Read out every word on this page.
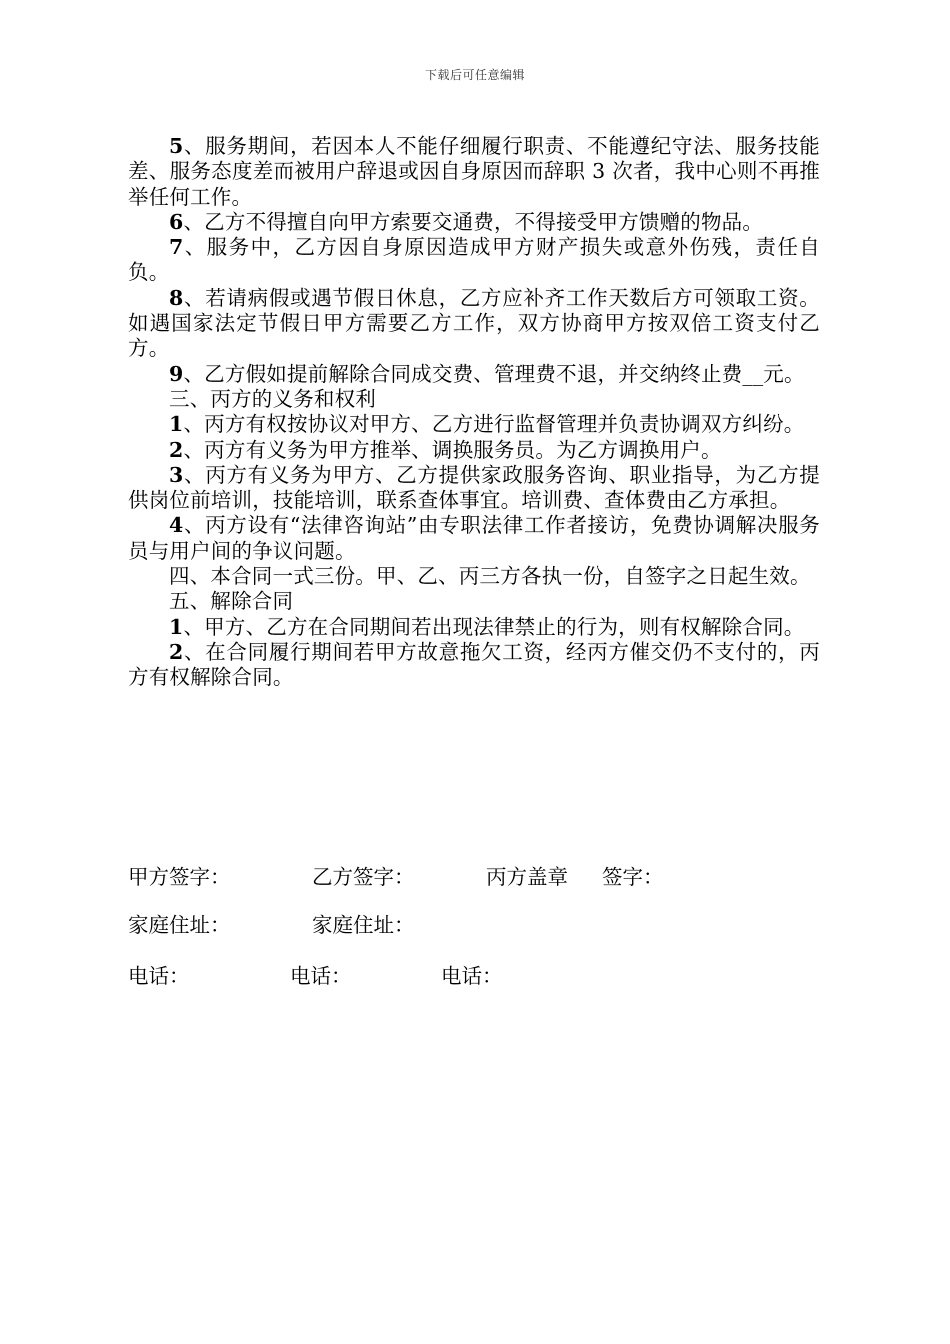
下载后可任意编辑

5、服务期间，若因本人不能仔细履行职责、不能遵纪守法、服务技能差、服务态度差而被用户辞退或因自身原因而辞职 3 次者，我中心则不再推举任何工作。

6、乙方不得擅自向甲方索要交通费，不得接受甲方馈赠的物品。

7、服务中，乙方因自身原因造成甲方财产损失或意外伤残，责任自负。

8、若请病假或遇节假日休息，乙方应补齐工作天数后方可领取工资。如遇国家法定节假日甲方需要乙方工作，双方协商甲方按双倍工资支付乙方。

9、乙方假如提前解除合同成交费、管理费不退，并交纳终止费__元。

三、丙方的义务和权利

1、丙方有权按协议对甲方、乙方进行监督管理并负责协调双方纠纷。

2、丙方有义务为甲方推举、调换服务员。为乙方调换用户。

3、丙方有义务为甲方、乙方提供家政服务咨询、职业指导，为乙方提供岗位前培训，技能培训，联系查体事宜。培训费、查体费由乙方承担。

4、丙方设有“法律咨询站”由专职法律工作者接访，免费协调解决服务员与用户间的争议问题。

四、本合同一式三份。甲、乙、丙三方各执一份，自签字之日起生效。

五、解除合同

1、甲方、乙方在合同期间若出现法律禁止的行为，则有权解除合同。

2、在合同履行期间若甲方故意拖欠工资，经丙方催交仍不支付的，丙方有权解除合同。

甲方签字：	乙方签字：	丙方盖章 签字：
家庭住址：	家庭住址：
电话：	电话：	电话：
